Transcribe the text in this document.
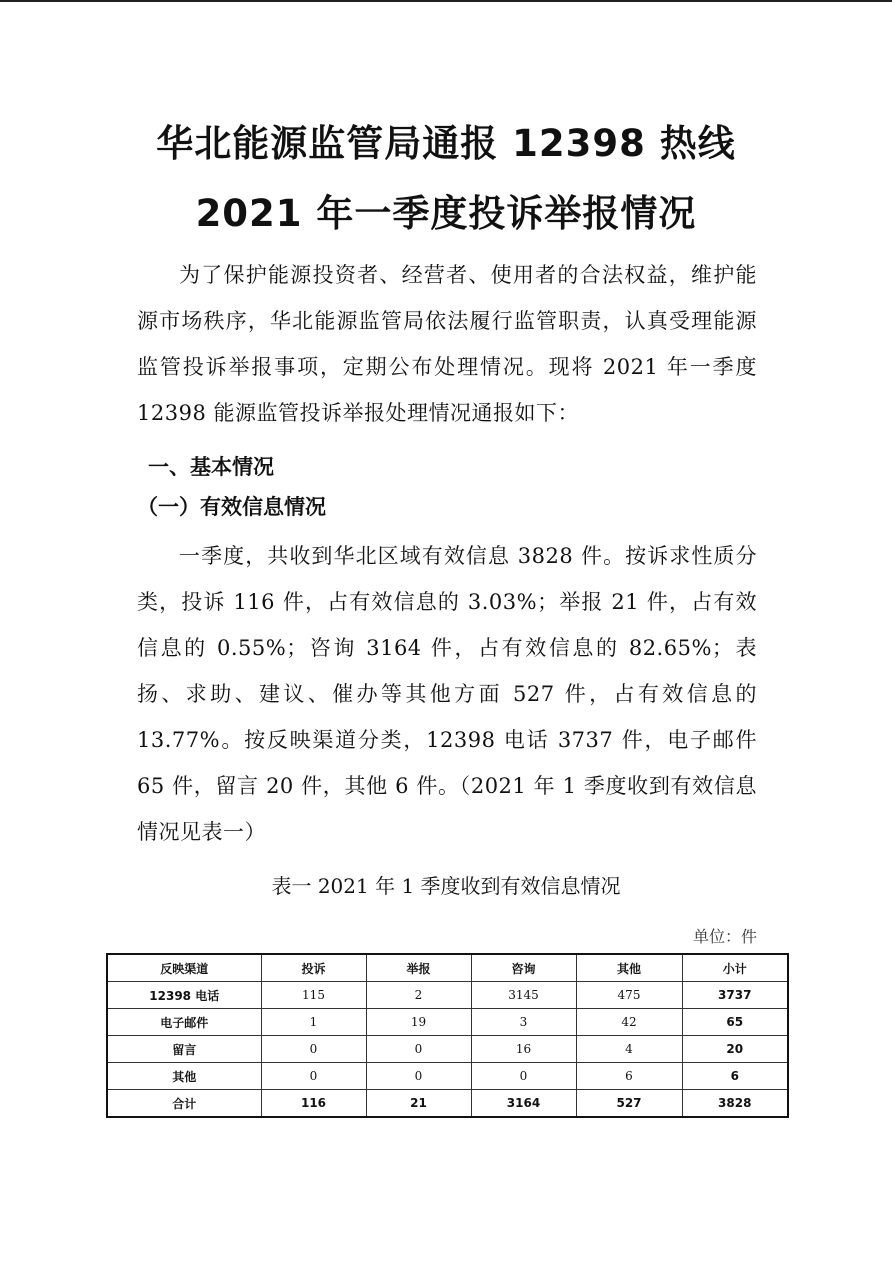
华北能源监管局通报 12398 热线
2021 年一季度投诉举报情况

为了保护能源投资者、经营者、使用者的合法权益，维护能源市场秩序，华北能源监管局依法履行监管职责，认真受理能源监管投诉举报事项，定期公布处理情况。现将 2021 年一季度 12398 能源监管投诉举报处理情况通报如下：

一、基本情况
（一）有效信息情况

一季度，共收到华北区域有效信息 3828 件。按诉求性质分类，投诉 116 件，占有效信息的 3.03%；举报 21 件，占有效信息的 0.55%；咨询 3164 件，占有效信息的 82.65%；表扬、求助、建议、催办等其他方面 527 件，占有效信息的 13.77%。按反映渠道分类，12398 电话 3737 件，电子邮件 65 件，留言 20 件，其他 6 件。（2021 年 1 季度收到有效信息情况见表一）

表一 2021 年 1 季度收到有效信息情况
单位：件
反映渠道	投诉	举报	咨询	其他	小计
12398 电话	115	2	3145	475	3737
电子邮件	1	19	3	42	65
留言	0	0	16	4	20
其他	0	0	0	6	6
合计	116	21	3164	527	3828
